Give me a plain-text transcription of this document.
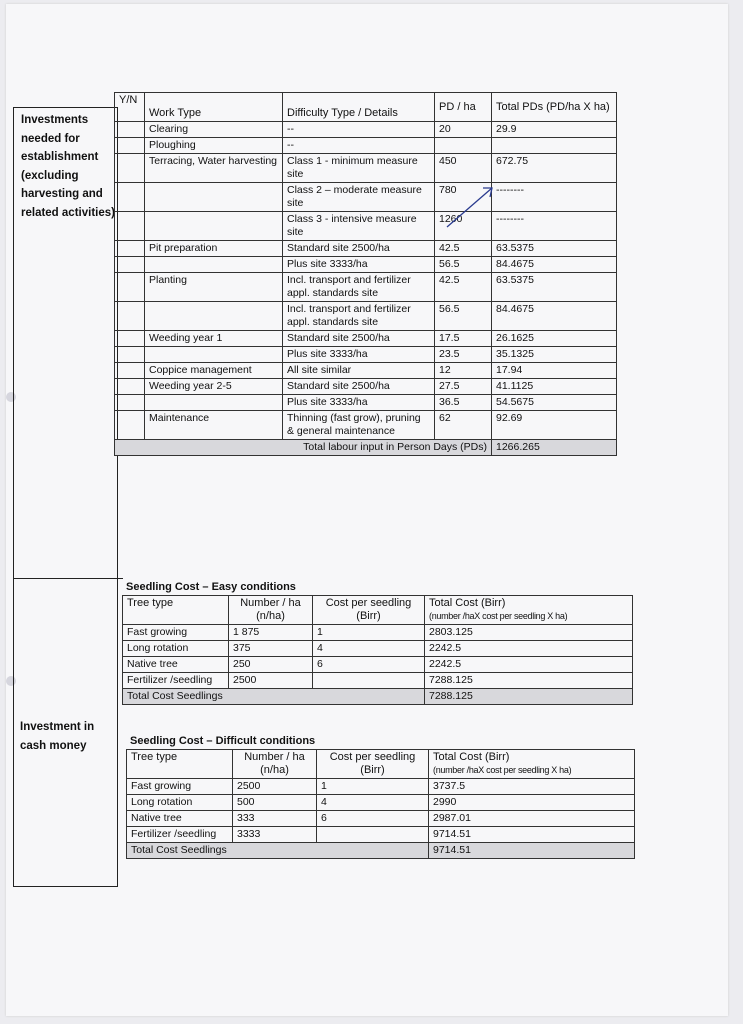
Investments needed for establishment (excluding harvesting and related activities)
Investment in cash money
Y/N	Work Type	Difficulty Type / Details	PD / ha	Total PDs (PD/ha X ha)
	Clearing	--	20	29.9
	Ploughing	--		
	Terracing, Water harvesting	Class 1 - minimum measure site	450	672.75
		Class 2 – moderate measure site	780	--------
		Class 3 - intensive measure site	1260	--------
	Pit preparation	Standard site 2500/ha	42.5	63.5375
		Plus site 3333/ha	56.5	84.4675
	Planting	Incl. transport and fertilizer appl. standards site	42.5	63.5375
		Incl. transport and fertilizer appl. standards site	56.5	84.4675
	Weeding year 1	Standard site 2500/ha	17.5	26.1625
		Plus site 3333/ha	23.5	35.1325
	Coppice management	All site similar	12	17.94
	Weeding year 2-5	Standard site 2500/ha	27.5	41.1125
		Plus site 3333/ha	36.5	54.5675
	Maintenance	Thinning (fast grow), pruning & general maintenance	62	92.69
Total labour input in Person Days (PDs)				1266.265
Seedling Cost – Easy conditions
Tree type	Number / ha (n/ha)	Cost per seedling (Birr)	Total Cost (Birr)
(number /haX cost per seedling X ha)

Fast growing	1 875	1	2803.125
Long rotation	375	4	2242.5
Native tree	250	6	2242.5
Fertilizer /seedling	2500		7288.125
Total Cost Seedlings			7288.125
Seedling Cost – Difficult conditions
Tree type	Number / ha (n/ha)	Cost per seedling (Birr)	Total Cost (Birr)
(number /haX cost per seedling X ha)

Fast growing	2500	1	3737.5
Long rotation	500	4	2990
Native tree	333	6	2987.01
Fertilizer /seedling	3333		9714.51
Total Cost Seedlings			9714.51
